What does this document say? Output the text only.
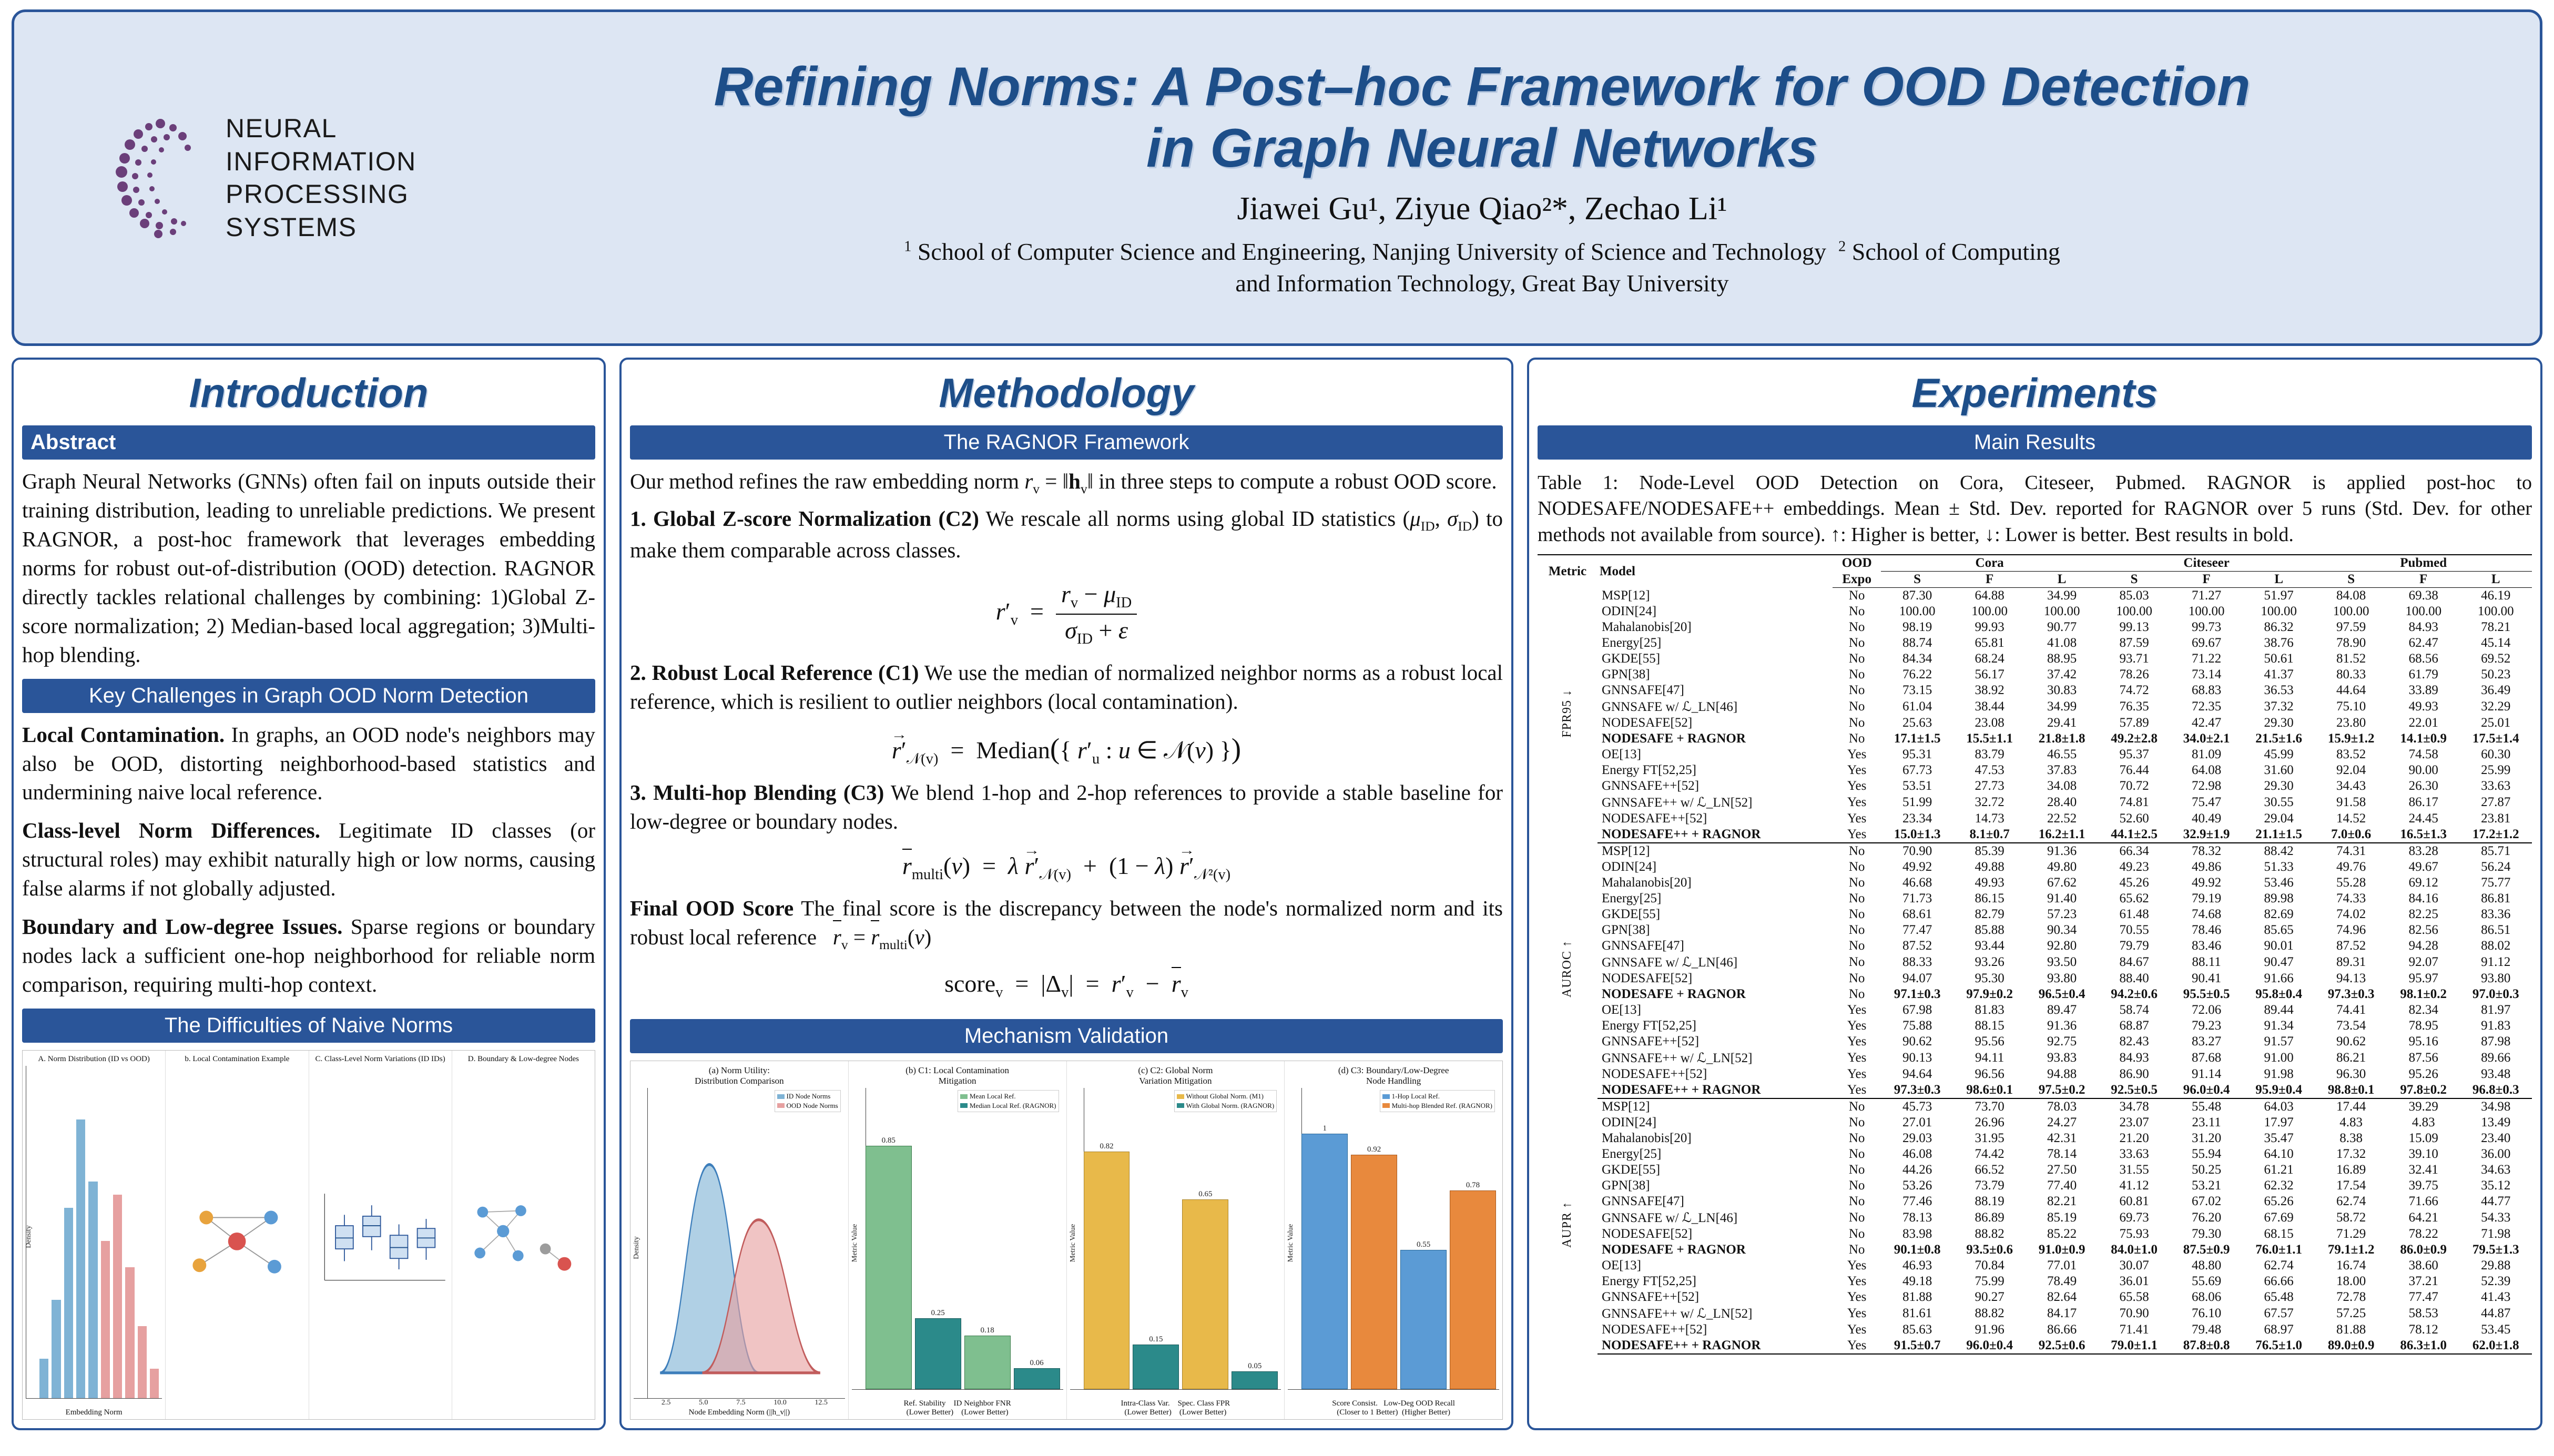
NEURAL INFORMATION
PROCESSING SYSTEMS
Refining Norms: A Post–hoc Framework for OOD Detection
in Graph Neural Networks
Jiawei Gu¹, Ziyue Qiao²*, Zechao Li¹
$^1$ School of Computer Science and Engineering, Nanjing University of Science and Technology $^2$ School of Computing
and Information Technology, Great Bay University
Introduction
Abstract

Graph Neural Networks (GNNs) often fail on inputs outside their training distribution, leading to unreliable predictions. We present RAGNOR, a post-hoc framework that leverages embedding norms for robust out-of-distribution (OOD) detection. RAGNOR directly tackles relational challenges by combining: 1)Global Z-score normalization; 2) Median-based local aggregation; 3)Multi-hop blending.

Key Challenges in Graph OOD Norm Detection

Local Contamination. In graphs, an OOD node's neighbors may also be OOD, distorting neighborhood-based statistics and undermining naive local reference.

Class-level Norm Differences. Legitimate ID classes (or structural roles) may exhibit naturally high or low norms, causing false alarms if not globally adjusted.

Boundary and Low-degree Issues. Sparse regions or boundary nodes lack a sufficient one-hop neighborhood for reliable norm comparison, requiring multi-hop context.

The Difficulties of Naive Norms
A. Norm Distribution (ID vs OOD)
Density
Embedding Norm
b. Local Contamination Example	C. Class-Level Norm Variations (ID IDs)	D. Boundary & Low-degree Nodes
Methodology
The RAGNOR Framework

Our method refines the raw embedding norm $r_v$ = $‖h_v‖$ in three steps to compute a robust OOD score.

1. Global Z-score Normalization (C2) We rescale all norms using global ID statistics ($\mu_{ID}$, $\sigma_{ID}$) to make them comparable across classes.

$r'_v = \frac{r_v - \mu_{ID}}{\sigma_{ID} + \varepsilon}$

2. Robust Local Reference (C1) We use the median of normalized neighbor norms as a robust local reference, which is resilient to outlier neighbors (local contamination).

$r' \to_{𝒩(v)}$  =  Median({ $r'_u$ : u ∈ 𝒩(v) })

3. Multi-hop Blending (C3) We blend 1-hop and 2-hop references to provide a stable baseline for low-degree or boundary nodes.

$r_{multi}(v) = \lambda$ $r' \to_{𝒩(v)} + (1 - \lambda)$ $r' \to_{𝒩^2(v)}$

Final OOD Score The final score is the discrepancy between the node's normalized norm and its robust local reference   $r_v = r_{multi}(v)$

score$_v$  =  $|\Delta_v| = r'_v - r_v$
Mechanism Validation
(a) Norm Utility:
Distribution Comparison
ID Node Norms
OOD Node Norms
2.5	5.0	7.5	10.0	12.5
Density
Node Embedding Norm (||h_v||)
(b) C1: Local Contamination
Mitigation
Mean Local Ref.
Median Local Ref. (RAGNOR)
0.85
0.25
0.18
0.06
Metric Value
Ref. Stability    ID Neighbor FNR
(Lower Better)    (Lower Better)
(c) C2: Global Norm
Variation Mitigation
Without Global Norm. (M1)
With Global Norm. (RAGNOR)
0.82
0.15
0.65
0.05
Metric Value
Intra-Class Var.    Spec. Class FPR
(Lower Better)    (Lower Better)
(d) C3: Boundary/Low-Degree
Node Handling
1-Hop Local Ref.
Multi-hop Blended Ref. (RAGNOR)
1
0.92
0.55
0.78
Metric Value
Score Consist.   Low-Deg OOD Recall
(Closer to 1 Better)  (Higher Better)
Experiments
Main Results

Table 1: Node-Level OOD Detection on Cora, Citeseer, Pubmed. RAGNOR is applied post-hoc to NODESAFE/NODESAFE++ embeddings. Mean ± Std. Dev. reported for RAGNOR over 5 runs (Std. Dev. for other methods not available from source). ↑: Higher is better, ↓: Lower is better. Best results in bold.

Metric	Model	OOD	Cora			Citeseer			Pubmed		
		Expo	S	F	L	S	F	L	S	F	L
FPR95 ↓	MSP[12]	No	87.30	64.88	34.99	85.03	71.27	51.97	84.08	69.38	46.19
	ODIN[24]	No	100.00	100.00	100.00	100.00	100.00	100.00	100.00	100.00	100.00
	Mahalanobis[20]	No	98.19	99.93	90.77	99.13	99.73	86.32	97.59	84.93	78.21
	Energy[25]	No	88.74	65.81	41.08	87.59	69.67	38.76	78.90	62.47	45.14
	GKDE[55]	No	84.34	68.24	88.95	93.71	71.22	50.61	81.52	68.56	69.52
	GPN[38]	No	76.22	56.17	37.42	78.26	73.14	41.37	80.33	61.79	50.23
	GNNSAFE[47]	No	73.15	38.92	30.83	74.72	68.83	36.53	44.64	33.89	36.49
	GNNSAFE w/ ℒ_LN[46]	No	61.04	38.44	34.99	76.35	72.35	37.32	75.10	49.93	32.29
	NODESAFE[52]	No	25.63	23.08	29.41	57.89	42.47	29.30	23.80	22.01	25.01
	NODESAFE + RAGNOR	No	17.1±1.5	15.5±1.1	21.8±1.8	49.2±2.8	34.0±2.1	21.5±1.6	15.9±1.2	14.1±0.9	17.5±1.4
	OE[13]	Yes	95.31	83.79	46.55	95.37	81.09	45.99	83.52	74.58	60.30
	Energy FT[52,25]	Yes	67.73	47.53	37.83	76.44	64.08	31.60	92.04	90.00	25.99
	GNNSAFE++[52]	Yes	53.51	27.73	34.08	70.72	72.98	29.30	34.43	26.30	33.63
	GNNSAFE++ w/ ℒ_LN[52]	Yes	51.99	32.72	28.40	74.81	75.47	30.55	91.58	86.17	27.87
	NODESAFE++[52]	Yes	23.34	14.73	22.52	52.60	40.49	29.04	14.52	24.45	23.81
	NODESAFE++ + RAGNOR	Yes	15.0±1.3	8.1±0.7	16.2±1.1	44.1±2.5	32.9±1.9	21.1±1.5	7.0±0.6	16.5±1.3	17.2±1.2
AUROC ↑	MSP[12]	No	70.90	85.39	91.36	66.34	78.32	88.42	74.31	83.28	85.71
	ODIN[24]	No	49.92	49.88	49.80	49.23	49.86	51.33	49.76	49.67	56.24
	Mahalanobis[20]	No	46.68	49.93	67.62	45.26	49.92	53.46	55.28	69.12	75.77
	Energy[25]	No	71.73	86.15	91.40	65.62	79.19	89.98	74.33	84.16	86.81
	GKDE[55]	No	68.61	82.79	57.23	61.48	74.68	82.69	74.02	82.25	83.36
	GPN[38]	No	77.47	85.88	90.34	70.55	78.46	85.65	74.96	82.56	86.51
	GNNSAFE[47]	No	87.52	93.44	92.80	79.79	83.46	90.01	87.52	94.28	88.02
	GNNSAFE w/ ℒ_LN[46]	No	88.33	93.26	93.50	84.67	88.11	90.47	89.31	92.07	91.12
	NODESAFE[52]	No	94.07	95.30	93.80	88.40	90.41	91.66	94.13	95.97	93.80
	NODESAFE + RAGNOR	No	97.1±0.3	97.9±0.2	96.5±0.4	94.2±0.6	95.5±0.5	95.8±0.4	97.3±0.3	98.1±0.2	97.0±0.3
	OE[13]	Yes	67.98	81.83	89.47	58.74	72.06	89.44	74.41	82.34	81.97
	Energy FT[52,25]	Yes	75.88	88.15	91.36	68.87	79.23	91.34	73.54	78.95	91.83
	GNNSAFE++[52]	Yes	90.62	95.56	92.75	82.43	83.27	91.57	90.62	95.16	87.98
	GNNSAFE++ w/ ℒ_LN[52]	Yes	90.13	94.11	93.83	84.93	87.68	91.00	86.21	87.56	89.66
	NODESAFE++[52]	Yes	94.64	96.56	94.88	86.90	91.14	91.98	96.30	95.26	93.48
	NODESAFE++ + RAGNOR	Yes	97.3±0.3	98.6±0.1	97.5±0.2	92.5±0.5	96.0±0.4	95.9±0.4	98.8±0.1	97.8±0.2	96.8±0.3
AUPR ↑	MSP[12]	No	45.73	73.70	78.03	34.78	55.48	64.03	17.44	39.29	34.98
	ODIN[24]	No	27.01	26.96	24.27	23.07	23.11	17.97	4.83	4.83	13.49
	Mahalanobis[20]	No	29.03	31.95	42.31	21.20	31.20	35.47	8.38	15.09	23.40
	Energy[25]	No	46.08	74.42	78.14	33.63	55.94	64.10	17.32	39.10	36.00
	GKDE[55]	No	44.26	66.52	27.50	31.55	50.25	61.21	16.89	32.41	34.63
	GPN[38]	No	53.26	73.79	77.40	41.12	53.21	62.32	17.54	39.75	35.12
	GNNSAFE[47]	No	77.46	88.19	82.21	60.81	67.02	65.26	62.74	71.66	44.77
	GNNSAFE w/ ℒ_LN[46]	No	78.13	86.89	85.19	69.73	76.20	67.69	58.72	64.21	54.33
	NODESAFE[52]	No	83.98	88.82	85.22	75.93	79.30	68.15	71.29	78.22	71.98
	NODESAFE + RAGNOR	No	90.1±0.8	93.5±0.6	91.0±0.9	84.0±1.0	87.5±0.9	76.0±1.1	79.1±1.2	86.0±0.9	79.5±1.3
	OE[13]	Yes	46.93	70.84	77.01	30.07	48.80	62.74	16.74	38.60	29.88
	Energy FT[52,25]	Yes	49.18	75.99	78.49	36.01	55.69	66.66	18.00	37.21	52.39
	GNNSAFE++[52]	Yes	81.88	90.27	82.64	65.58	68.06	65.48	72.78	77.47	41.43
	GNNSAFE++ w/ ℒ_LN[52]	Yes	81.61	88.82	84.17	70.90	76.10	67.57	57.25	58.53	44.87
	NODESAFE++[52]	Yes	85.63	91.96	86.66	71.41	79.48	68.97	81.88	78.12	53.45
	NODESAFE++ + RAGNOR	Yes	91.5±0.7	96.0±0.4	92.5±0.6	79.0±1.1	87.8±0.8	76.5±1.0	89.0±0.9	86.3±1.0	62.0±1.8
